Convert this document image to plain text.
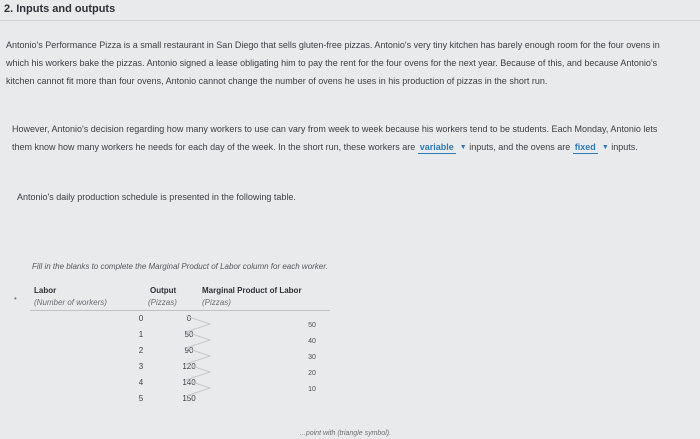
2. Inputs and outputs
Antonio's Performance Pizza is a small restaurant in San Diego that sells gluten-free pizzas. Antonio's very tiny kitchen has barely enough room for the four ovens in which his workers bake the pizzas. Antonio signed a lease obligating him to pay the rent for the four ovens for the next year. Because of this, and because Antonio's kitchen cannot fit more than four ovens, Antonio cannot change the number of ovens he uses in his production of pizzas in the short run.
However, Antonio's decision regarding how many workers to use can vary from week to week because his workers tend to be students. Each Monday, Antonio lets them know how many workers he needs for each day of the week. In the short run, these workers are variable ▼ inputs, and the ovens are fixed ▼ inputs.
Antonio's daily production schedule is presented in the following table.
Fill in the blanks to complete the Marginal Product of Labor column for each worker.
•
Labor
(Number of workers)
Output
(Pizzas)
Marginal Product of Labor
(Pizzas)
0	0
1	50
2	90
3	120
4	140
5	150
50
40
30
20
10
...point with (triangle symbol).
